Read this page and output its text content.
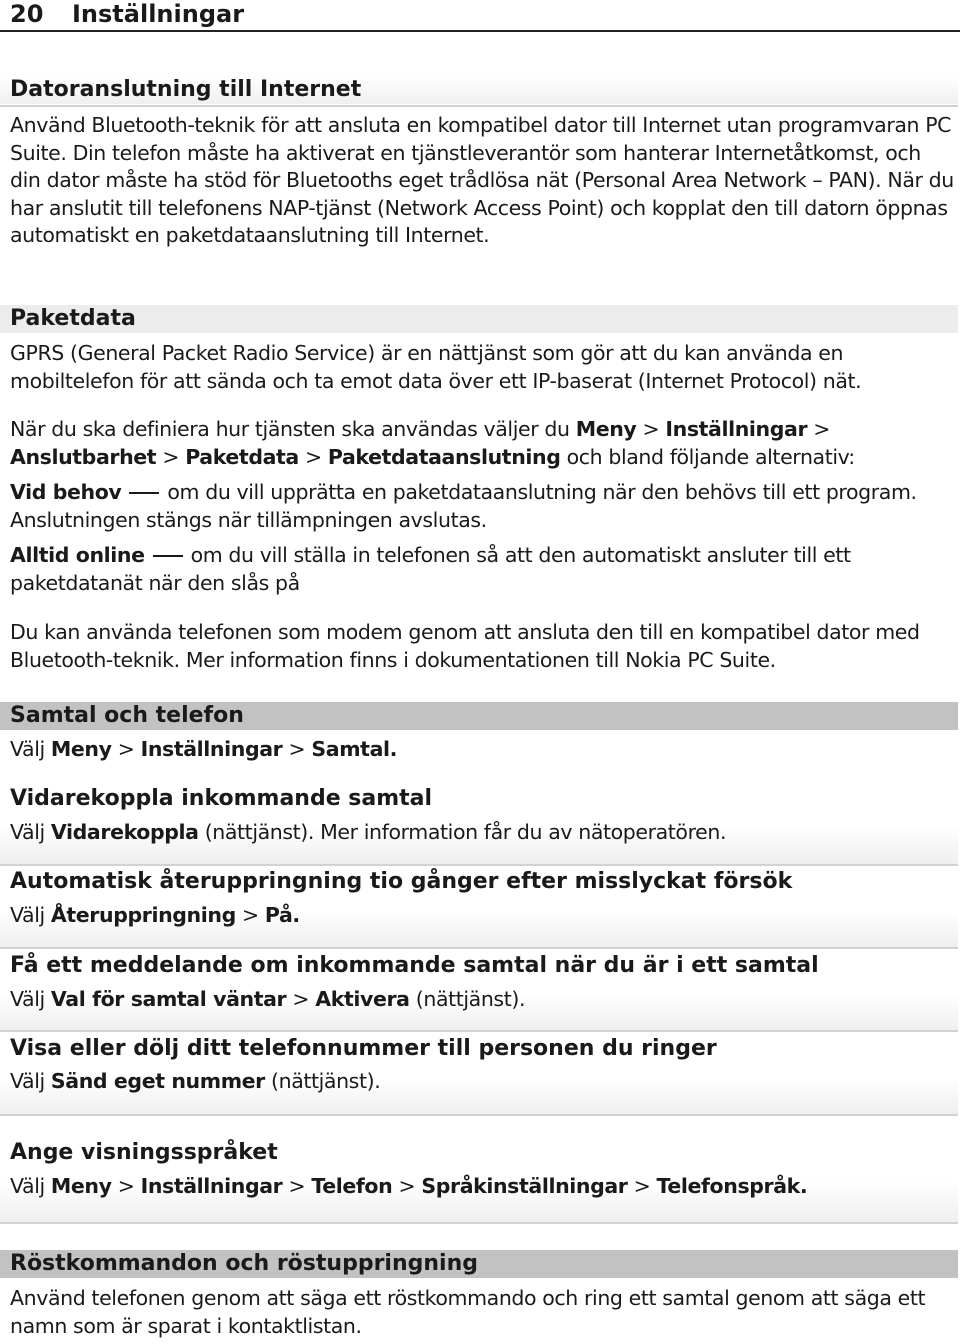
20 Inställningar
Datoranslutning till Internet

Använd Bluetooth-teknik för att ansluta en kompatibel dator till Internet utan programvaran PC Suite. Din telefon måste ha aktiverat en tjänstleverantör som hanterar Internetåtkomst, och din dator måste ha stöd för Bluetooths eget trådlösa nät (Personal Area Network – PAN). När du har anslutit till telefonens NAP-tjänst (Network Access Point) och kopplat den till datorn öppnas automatiskt en paketdataanslutning till Internet.

Paketdata

GPRS (General Packet Radio Service) är en nättjänst som gör att du kan använda en mobiltelefon för att sända och ta emot data över ett IP-baserat (Internet Protocol) nät.

När du ska definiera hur tjänsten ska användas väljer du Meny > Inställningar > Anslutbarhet > Paketdata > Paketdataanslutning och bland följande alternativ:

Vid behov om du vill upprätta en paketdataanslutning när den behövs till ett program. Anslutningen stängs när tillämpningen avslutas.

Alltid online om du vill ställa in telefonen så att den automatiskt ansluter till ett paketdatanät när den slås på

Du kan använda telefonen som modem genom att ansluta den till en kompatibel dator med Bluetooth-teknik. Mer information finns i dokumentationen till Nokia PC Suite.

Samtal och telefon

Välj Meny > Inställningar > Samtal.

Vidarekoppla inkommande samtal

Välj Vidarekoppla (nättjänst). Mer information får du av nätoperatören.

Automatisk återuppringning tio gånger efter misslyckat försök

Välj Återuppringning > På.

Få ett meddelande om inkommande samtal när du är i ett samtal

Välj Val för samtal väntar > Aktivera (nättjänst).

Visa eller dölj ditt telefonnummer till personen du ringer

Välj Sänd eget nummer (nättjänst).

Ange visningsspråket

Välj Meny > Inställningar > Telefon > Språkinställningar > Telefonspråk.

Röstkommandon och röstuppringning

Använd telefonen genom att säga ett röstkommando och ring ett samtal genom att säga ett namn som är sparat i kontaktlistan.
